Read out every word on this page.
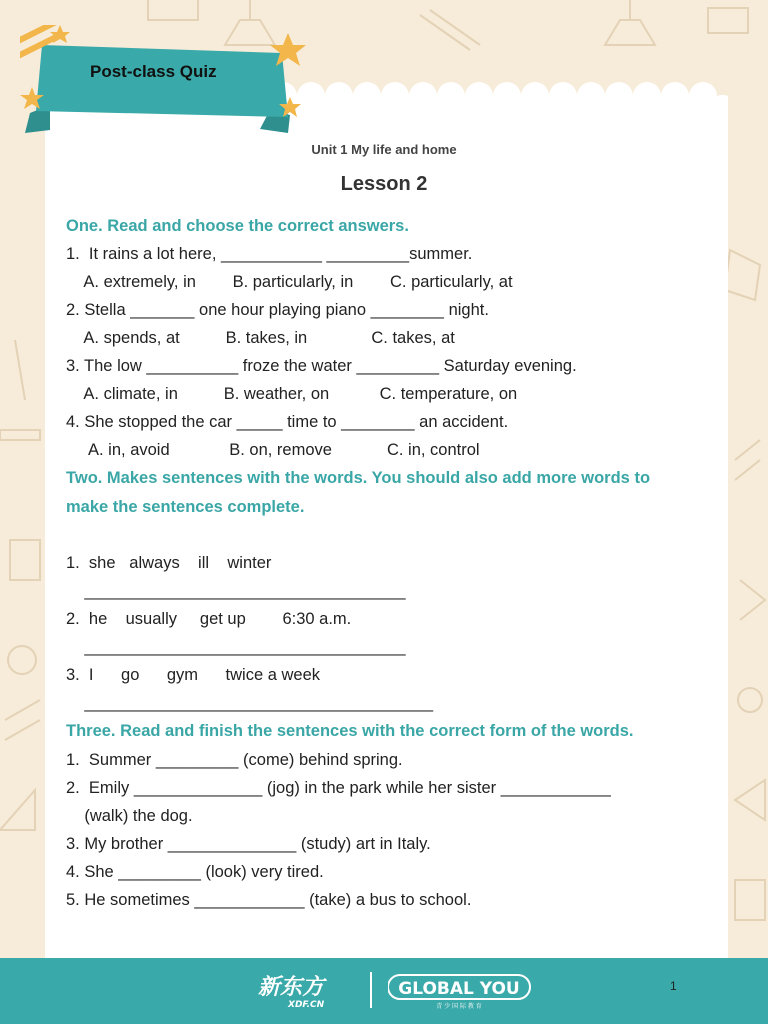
Post-class Quiz
Unit 1 My life and home
Lesson 2
One. Read and choose the correct answers.
1.  It rains a lot here, ___________ _________summer.
A. extremely, in        B. particularly, in        C. particularly, at
2. Stella _______ one hour playing piano ________ night.
A. spends, at          B. takes, in              C. takes, at
3. The low __________ froze the water _________ Saturday evening.
A. climate, in          B. weather, on           C. temperature, on
4. She stopped the car _____ time to ________ an accident.
A. in, avoid             B. on, remove            C. in, control
Two. Makes sentences with the words. You should also add more words to
make the sentences complete.
1.  she   always    ill    winter
___________________________________
2.  he    usually     get up        6:30 a.m.
___________________________________
3.  I      go      gym      twice a week
______________________________________
Three. Read and finish the sentences with the correct form of the words.
1.  Summer _________ (come) behind spring.
2.  Emily ______________ (jog) in the park while her sister ____________
(walk) the dog.
3. My brother ______________ (study) art in Italy.
4. She _________ (look) very tired.
5. He sometimes ____________ (take) a bus to school.
新东方
XDF.CN
GLOBAL YOU
青 少 国 际 教 育
1
